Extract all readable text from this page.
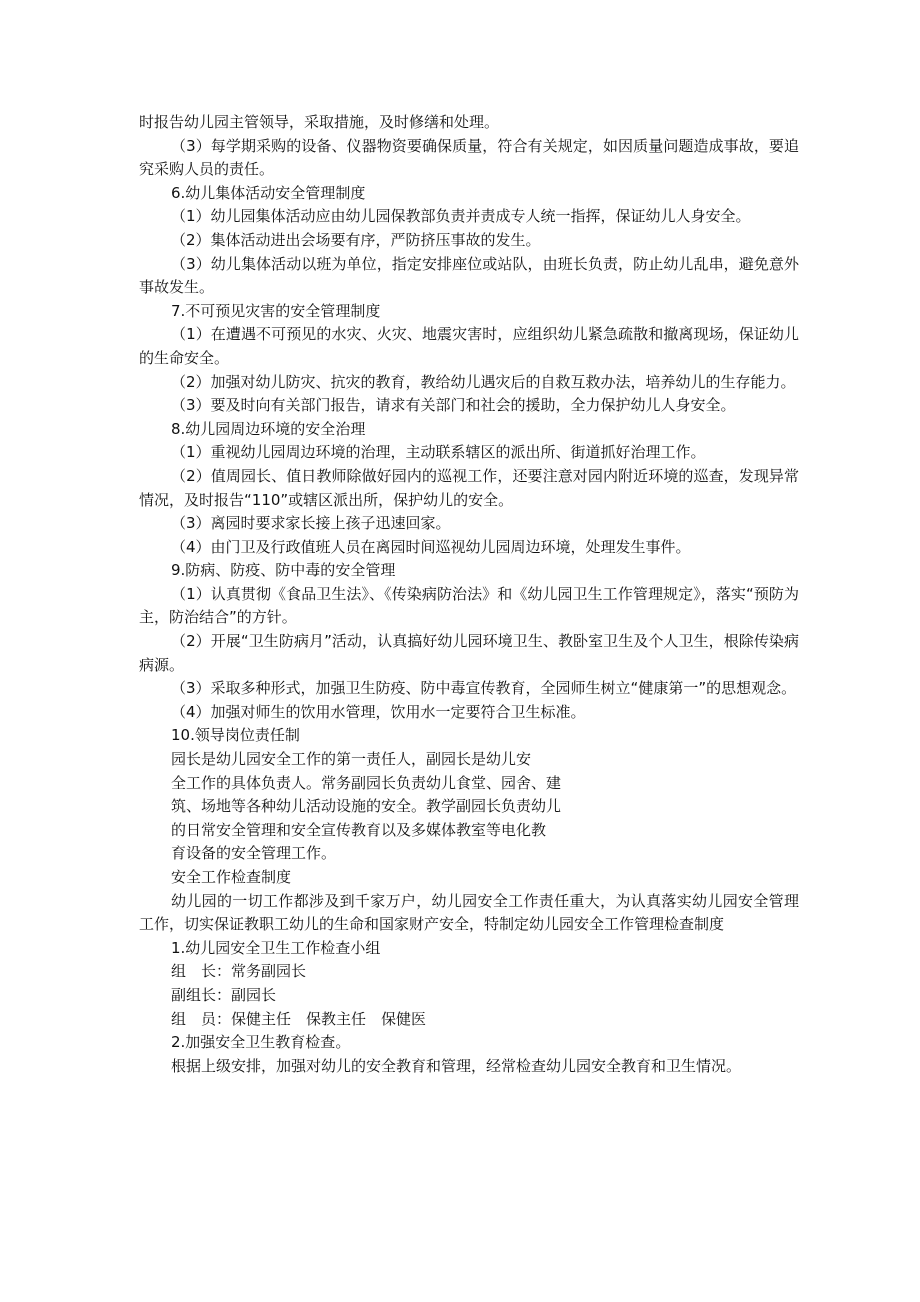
时报告幼儿园主管领导，采取措施，及时修缮和处理。

（3）每学期采购的设备、仪器物资要确保质量，符合有关规定，如因质量问题造成事故，要追究采购人员的责任。

6.幼儿集体活动安全管理制度

（1）幼儿园集体活动应由幼儿园保教部负责并责成专人统一指挥，保证幼儿人身安全。

（2）集体活动进出会场要有序，严防挤压事故的发生。

（3）幼儿集体活动以班为单位，指定安排座位或站队，由班长负责，防止幼儿乱串，避免意外事故发生。

7.不可预见灾害的安全管理制度

（1）在遭遇不可预见的水灾、火灾、地震灾害时，应组织幼儿紧急疏散和撤离现场，保证幼儿的生命安全。

（2）加强对幼儿防灾、抗灾的教育，教给幼儿遇灾后的自救互救办法，培养幼儿的生存能力。

（3）要及时向有关部门报告，请求有关部门和社会的援助，全力保护幼儿人身安全。

8.幼儿园周边环境的安全治理

（1）重视幼儿园周边环境的治理，主动联系辖区的派出所、街道抓好治理工作。

（2）值周园长、值日教师除做好园内的巡视工作，还要注意对园内附近环境的巡查，发现异常情况，及时报告“110”或辖区派出所，保护幼儿的安全。

（3）离园时要求家长接上孩子迅速回家。

（4）由门卫及行政值班人员在离园时间巡视幼儿园周边环境，处理发生事件。

9.防病、防疫、防中毒的安全管理

（1）认真贯彻《食品卫生法》、《传染病防治法》和《幼儿园卫生工作管理规定》，落实“预防为主，防治结合”的方针。

（2）开展“卫生防病月”活动，认真搞好幼儿园环境卫生、教卧室卫生及个人卫生，根除传染病病源。

（3）采取多种形式，加强卫生防疫、防中毒宣传教育，全园师生树立“健康第一”的思想观念。

（4）加强对师生的饮用水管理，饮用水一定要符合卫生标准。

10.领导岗位责任制

园长是幼儿园安全工作的第一责任人，副园长是幼儿安

全工作的具体负责人。常务副园长负责幼儿食堂、园舍、建

筑、场地等各种幼儿活动设施的安全。教学副园长负责幼儿

的日常安全管理和安全宣传教育以及多媒体教室等电化教

育设备的安全管理工作。

安全工作检查制度

幼儿园的一切工作都涉及到千家万户，幼儿园安全工作责任重大，为认真落实幼儿园安全管理工作，切实保证教职工幼儿的生命和国家财产安全，特制定幼儿园安全工作管理检查制度

1.幼儿园安全卫生工作检查小组

组　长：常务副园长

副组长：副园长

组　员：保健主任　保教主任　保健医

2.加强安全卫生教育检查。

根据上级安排，加强对幼儿的安全教育和管理，经常检查幼儿园安全教育和卫生情况。
